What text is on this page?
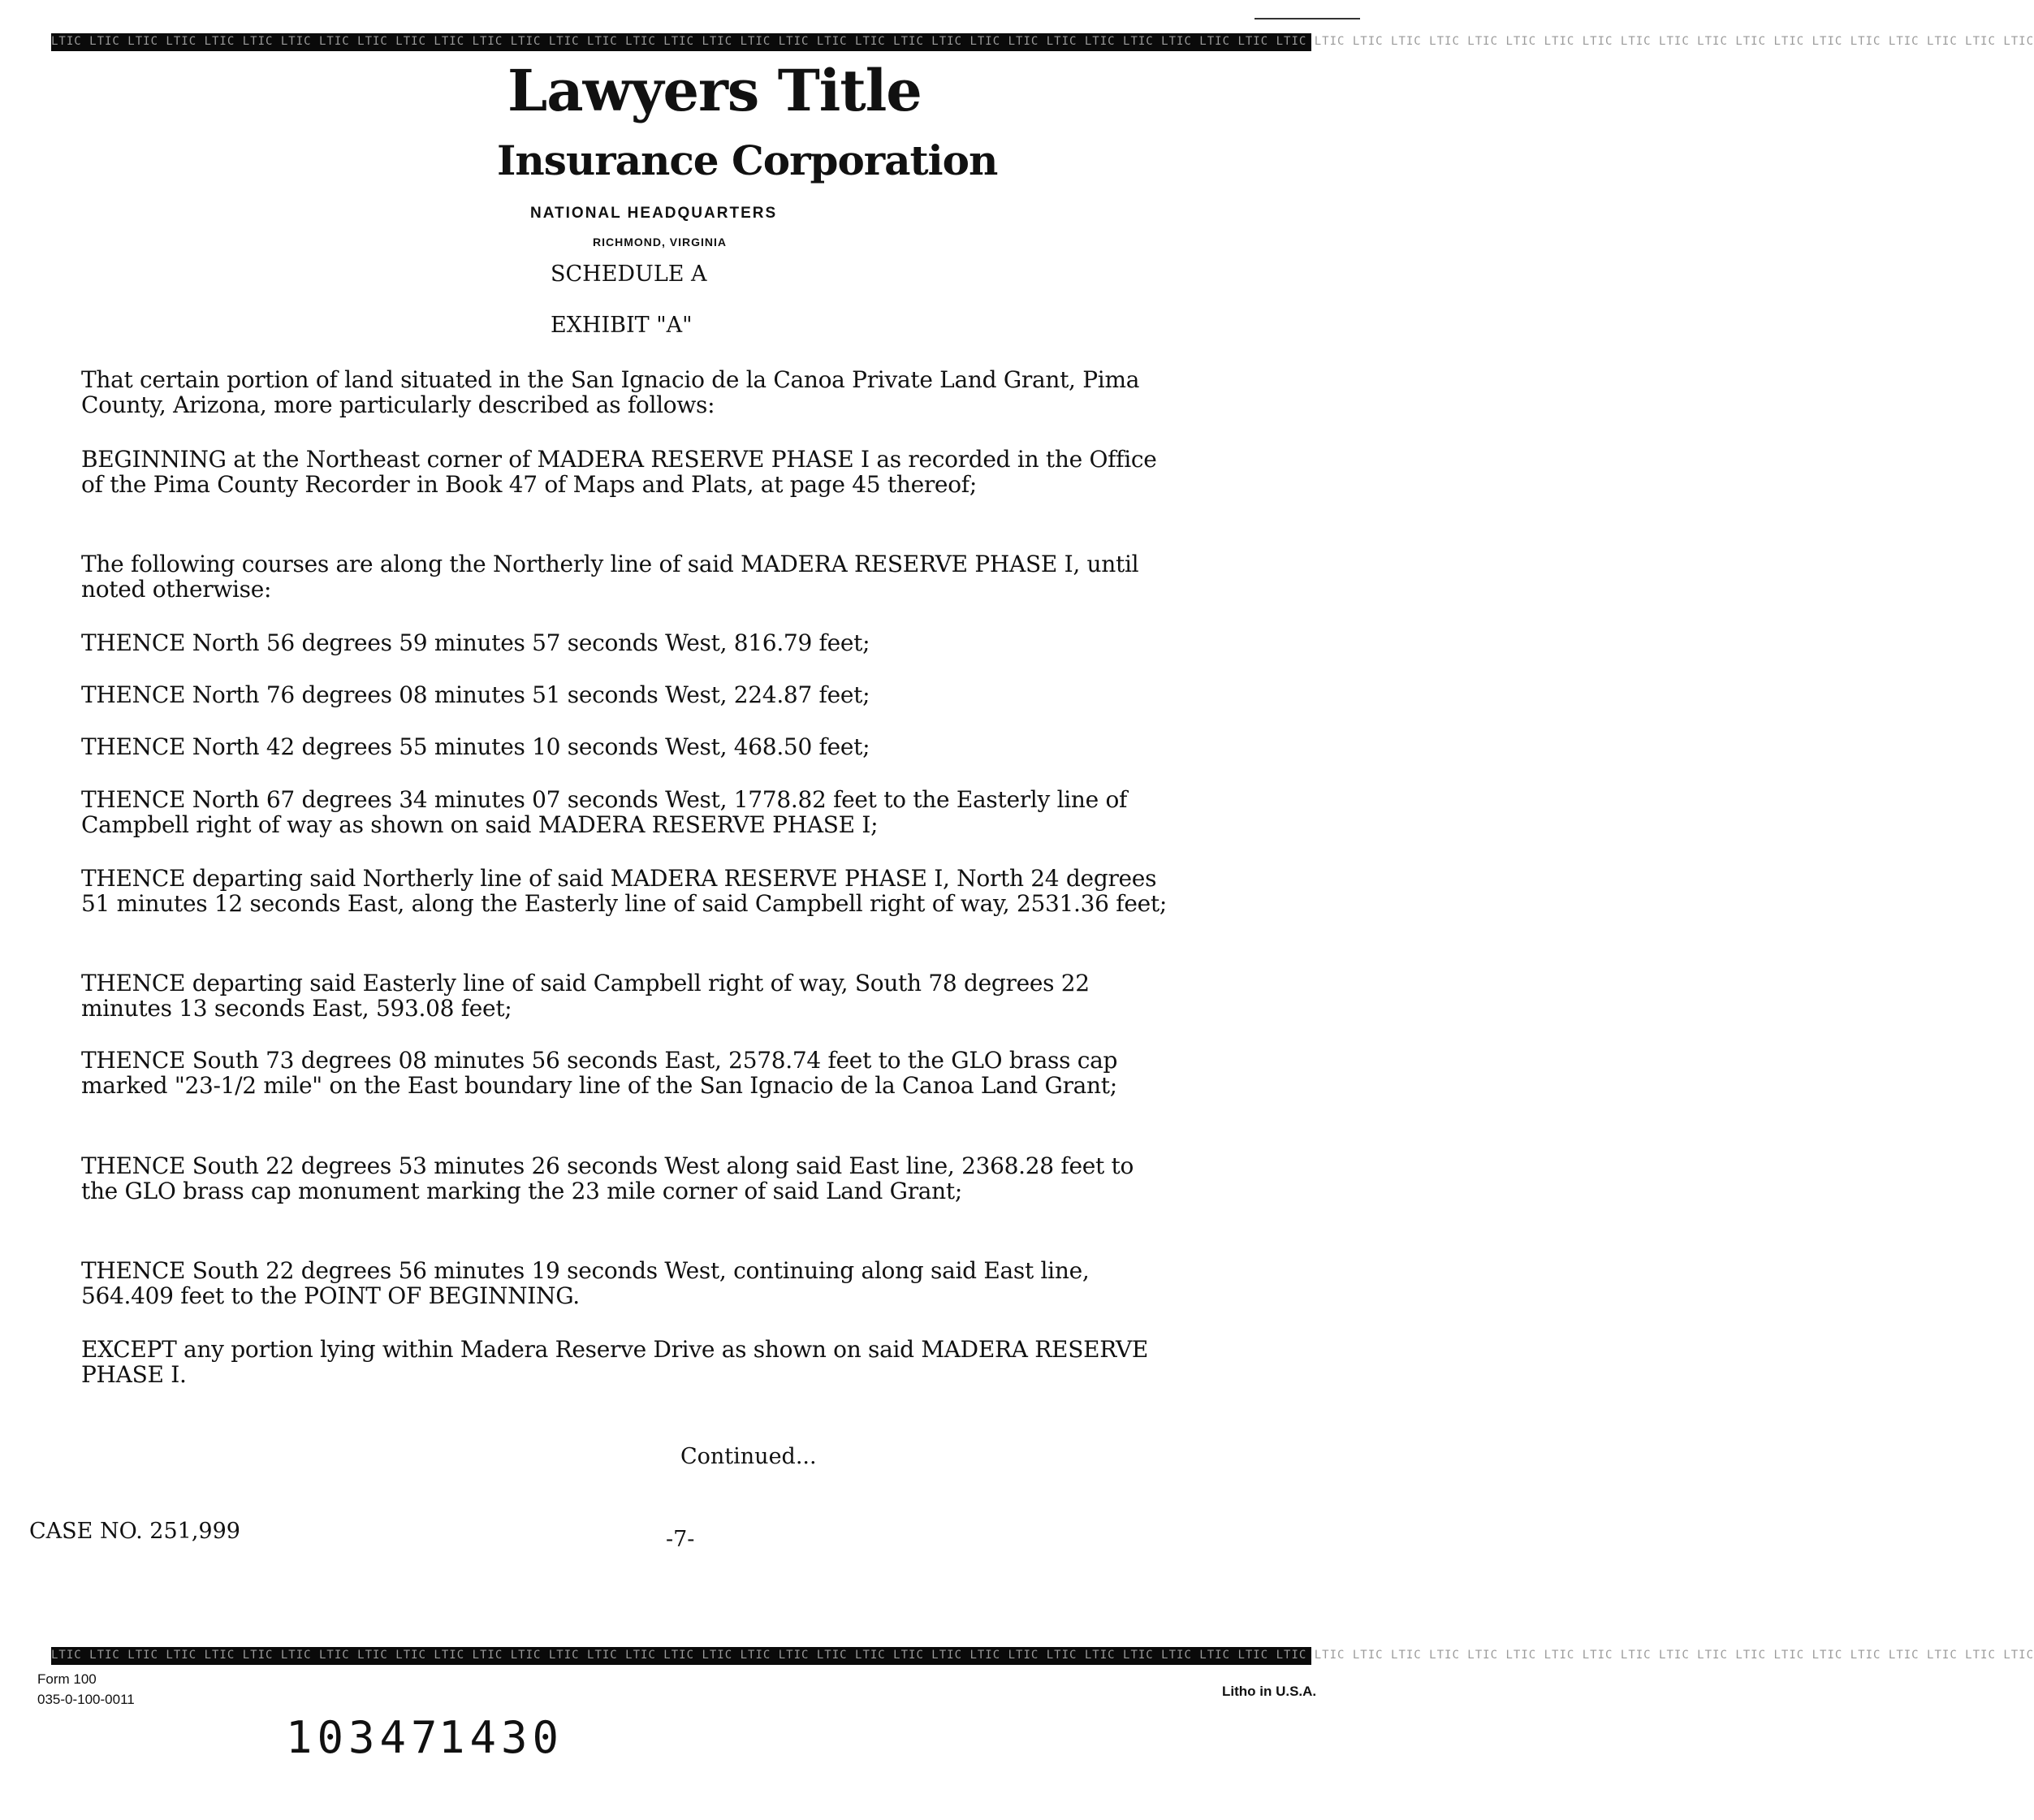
LTIC LTIC LTIC LTIC LTIC LTIC LTIC LTIC LTIC LTIC LTIC LTIC LTIC LTIC LTIC LTIC LTIC LTIC LTIC LTIC LTIC LTIC LTIC LTIC LTIC LTIC LTIC LTIC LTIC LTIC LTIC LTIC LTIC LTIC LTIC LTIC LTIC LTIC LTIC LTIC LTIC LTIC LTIC LTIC LTIC LTIC LTIC LTIC LTIC LTIC LTIC LTIC
Lawyers Title
Insurance Corporation
NATIONAL HEADQUARTERS
RICHMOND, VIRGINIA
SCHEDULE A
EXHIBIT "A"

That certain portion of land situated in the San Ignacio de la Canoa Private Land Grant, Pima County, Arizona, more particularly described as follows:

BEGINNING at the Northeast corner of MADERA RESERVE PHASE I as recorded in the Office of the Pima County Recorder in Book 47 of Maps and Plats, at page 45 thereof;

The following courses are along the Northerly line of said MADERA RESERVE PHASE I, until noted otherwise:

THENCE North 56 degrees 59 minutes 57 seconds West, 816.79 feet;

THENCE North 76 degrees 08 minutes 51 seconds West, 224.87 feet;

THENCE North 42 degrees 55 minutes 10 seconds West, 468.50 feet;

THENCE North 67 degrees 34 minutes 07 seconds West, 1778.82 feet to the Easterly line of Campbell right of way as shown on said MADERA RESERVE PHASE I;

THENCE departing said Northerly line of said MADERA RESERVE PHASE I, North 24 degrees 51 minutes 12 seconds East, along the Easterly line of said Campbell right of way, 2531.36 feet;

THENCE departing said Easterly line of said Campbell right of way, South 78 degrees 22 minutes 13 seconds East, 593.08 feet;

THENCE South 73 degrees 08 minutes 56 seconds East, 2578.74 feet to the GLO brass cap marked "23-1/2 mile" on the East boundary line of the San Ignacio de la Canoa Land Grant;

THENCE South 22 degrees 53 minutes 26 seconds West along said East line, 2368.28 feet to the GLO brass cap monument marking the 23 mile corner of said Land Grant;

THENCE South 22 degrees 56 minutes 19 seconds West, continuing along said East line, 564.409 feet to the POINT OF BEGINNING.

EXCEPT any portion lying within Madera Reserve Drive as shown on said MADERA RESERVE PHASE I.

Continued...
CASE NO. 251,999	-7-
LTIC LTIC LTIC LTIC LTIC LTIC LTIC LTIC LTIC LTIC LTIC LTIC LTIC LTIC LTIC LTIC LTIC LTIC LTIC LTIC LTIC LTIC LTIC LTIC LTIC LTIC LTIC LTIC LTIC LTIC LTIC LTIC LTIC LTIC LTIC LTIC LTIC LTIC LTIC LTIC LTIC LTIC LTIC LTIC LTIC LTIC LTIC LTIC LTIC LTIC LTIC LTIC
Form 100
035-0-100-0011
Litho in U.S.A.
10347
1430
